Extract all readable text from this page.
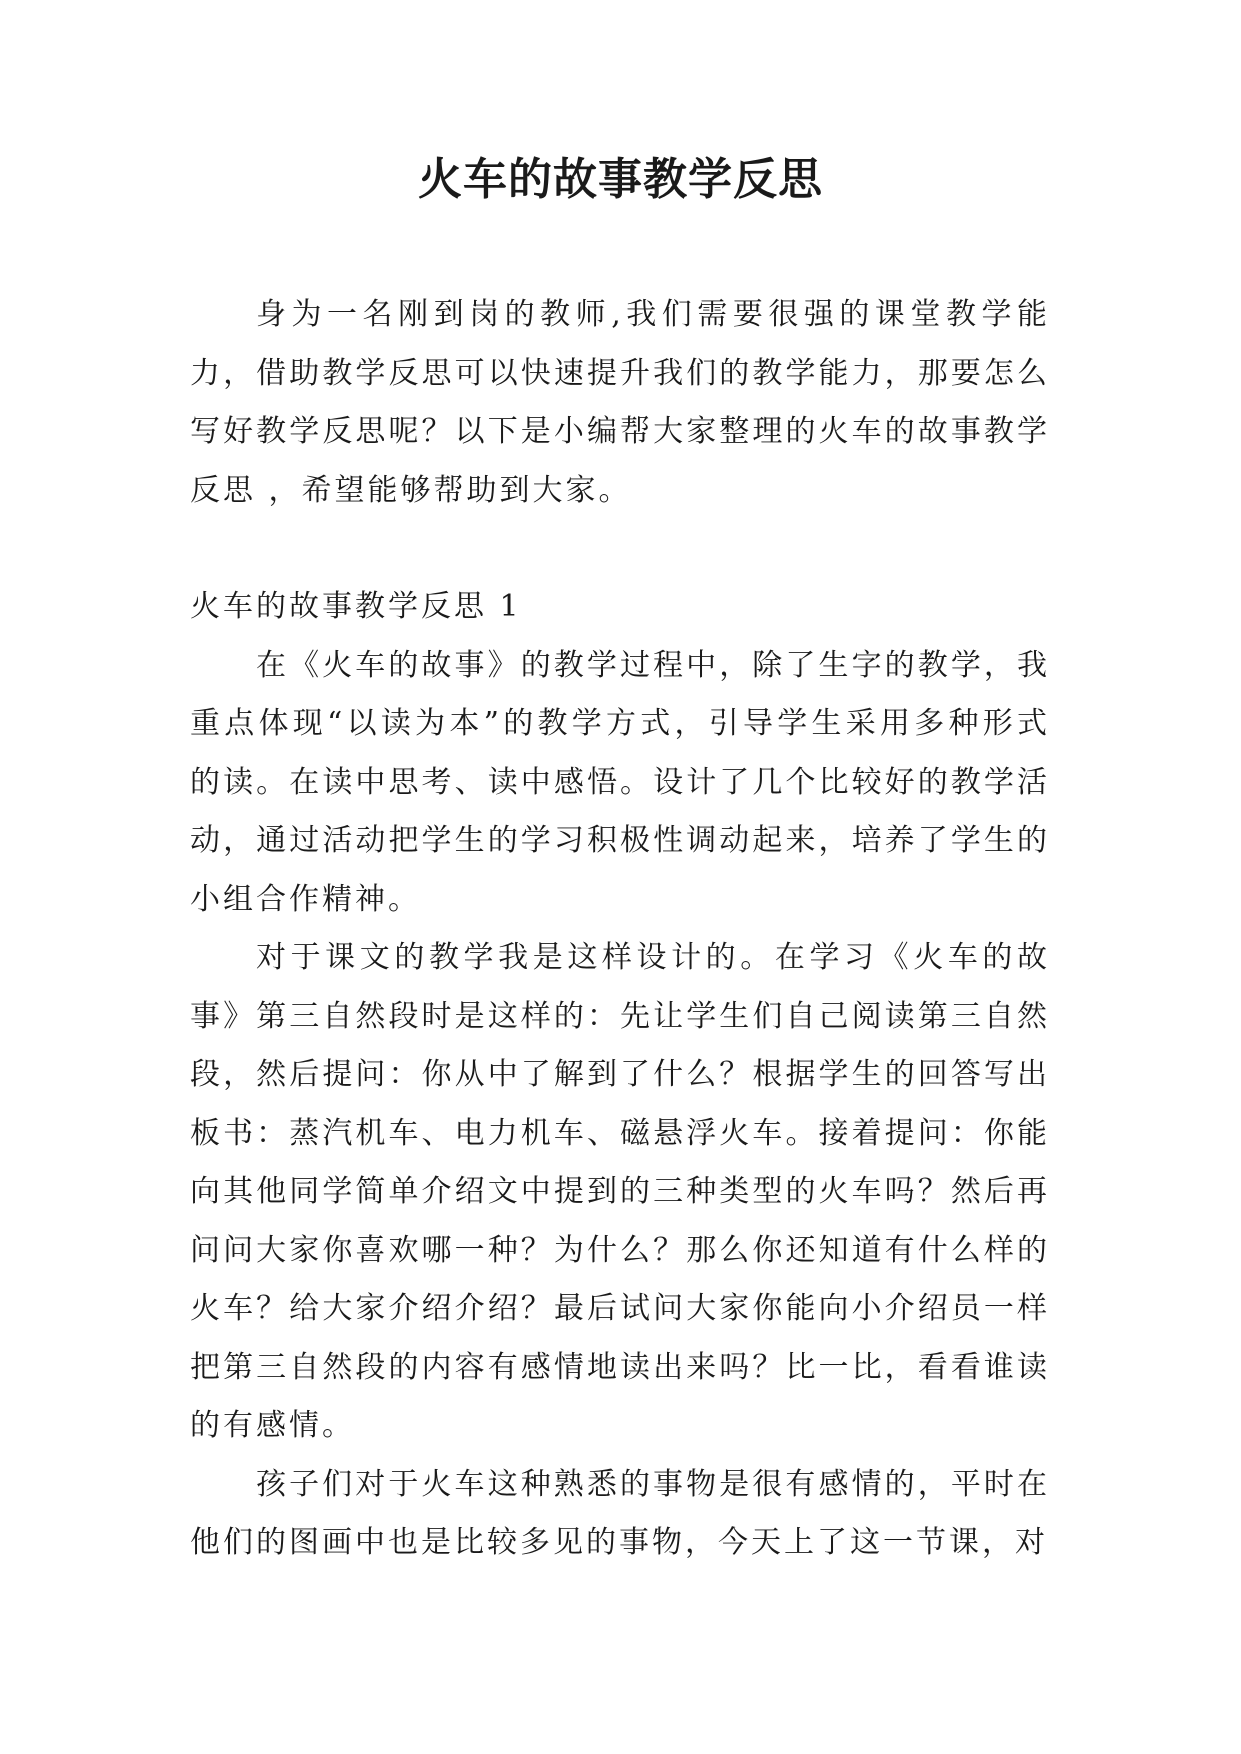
火车的故事教学反思

身为一名刚到岗的教师,我们需要很强的课堂教学能力，借助教学反思可以快速提升我们的教学能力，那要怎么写好教学反思呢？以下是小编帮大家整理的火车的故事教学反思 ，希望能够帮助到大家。

火车的故事教学反思 1

在《火车的故事》的教学过程中，除了生字的教学，我重点体现“以读为本”的教学方式，引导学生采用多种形式的读。在读中思考、读中感悟。设计了几个比较好的教学活动，通过活动把学生的学习积极性调动起来，培养了学生的小组合作精神。

对于课文的教学我是这样设计的。在学习《火车的故事》第三自然段时是这样的：先让学生们自己阅读第三自然段，然后提问：你从中了解到了什么？根据学生的回答写出板书：蒸汽机车、电力机车、磁悬浮火车。接着提问：你能向其他同学简单介绍文中提到的三种类型的火车吗？然后再问问大家你喜欢哪一种？为什么？那么你还知道有什么样的火车？给大家介绍介绍？最后试问大家你能向小介绍员一样把第三自然段的内容有感情地读出来吗？比一比，看看谁读的有感情。

孩子们对于火车这种熟悉的事物是很有感情的，平时在他们的图画中也是比较多见的事物，今天上了这一节课，对
